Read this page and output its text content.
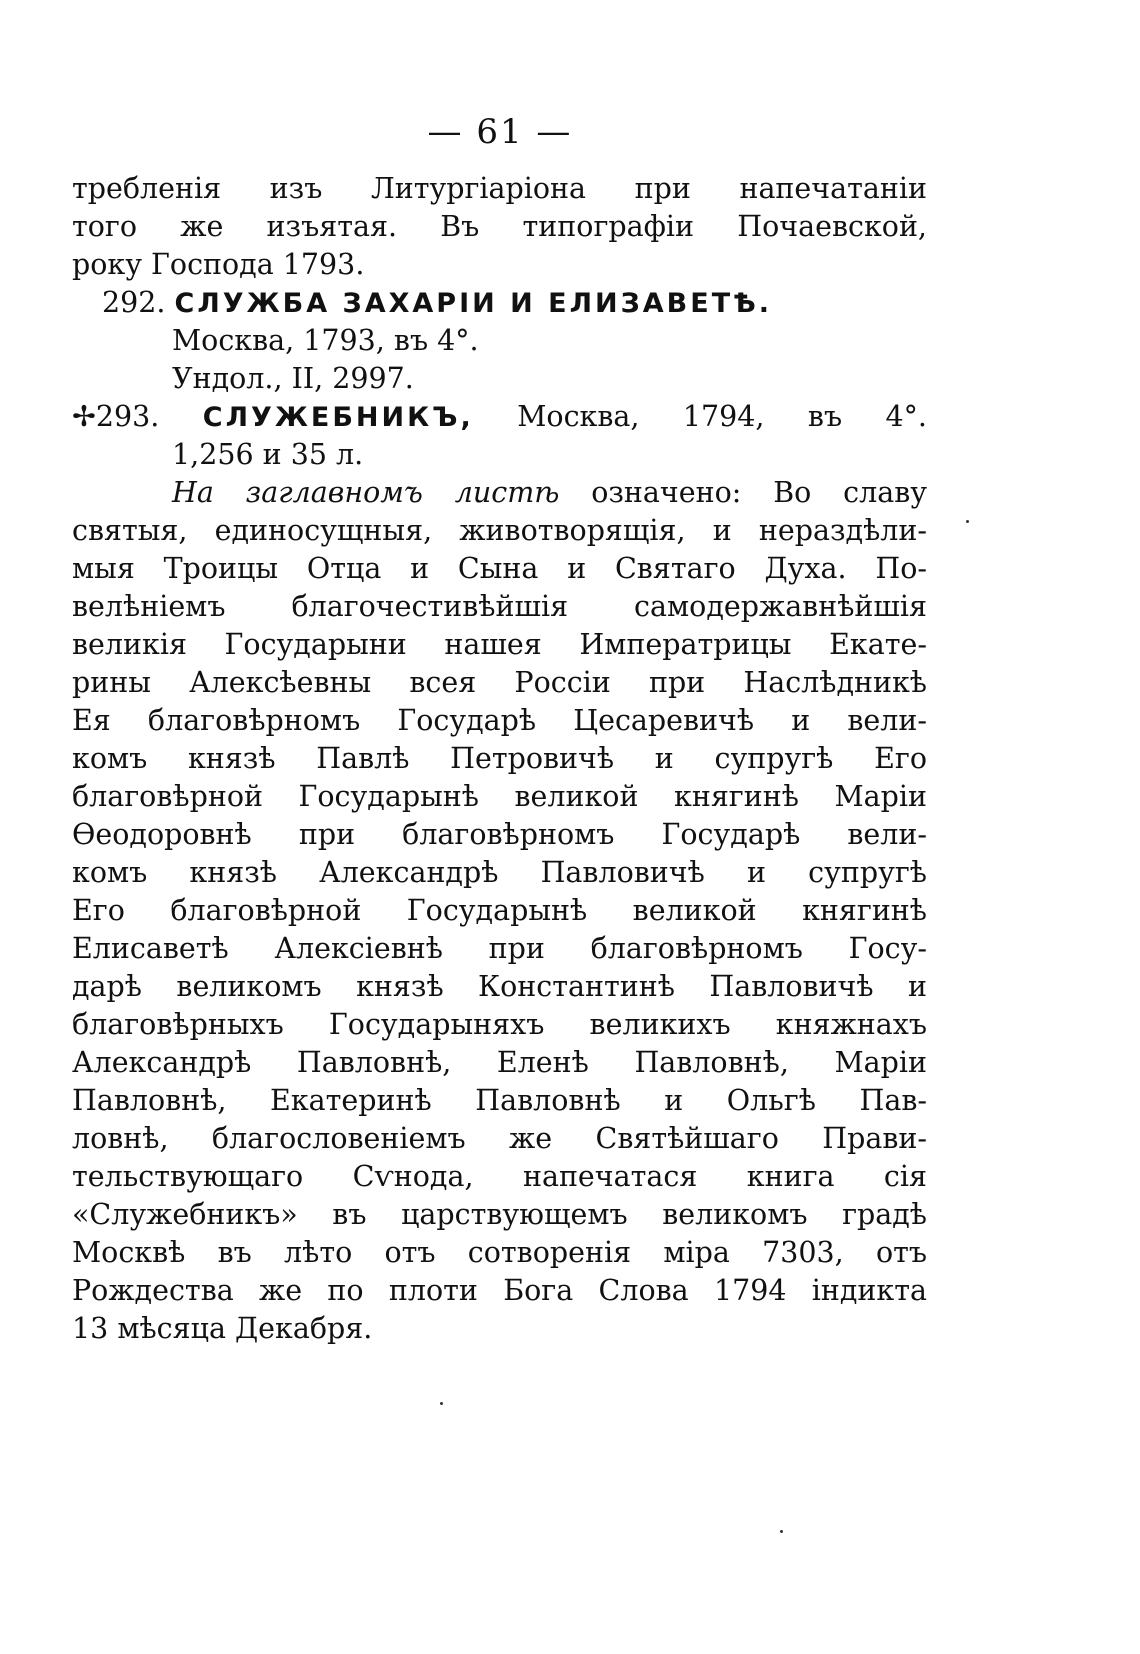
— 61 —
требленія изъ Литургіаріона при напечатаніи
того же изъятая. Въ типографіи Почаевской,
року Господа 1793.
292. СЛУЖБА ЗАХАРІИ И ЕЛИЗАВЕТѢ.
Москва, 1793, въ 4°.
Ундол., II, 2997.
✢293. СЛУЖЕБНИКЪ, Москва, 1794, въ 4°.
1,256 и 35 л.
На заглавномъ листѣ означено: Во славу
святыя, единосущныя, животворящія, и нераздѣли-
мыя Троицы Отца и Сына и Святаго Духа. По-
велѣніемъ благочестивѣйшія самодержавнѣйшія
великія Государыни нашея Императрицы Екате-
рины Алексѣевны всея Россіи при Наслѣдникѣ
Ея благовѣрномъ Государѣ Цесаревичѣ и вели-
комъ князѣ Павлѣ Петровичѣ и супругѣ Его
благовѣрной Государынѣ великой княгинѣ Маріи
Ѳеодоровнѣ при благовѣрномъ Государѣ вели-
комъ князѣ Александрѣ Павловичѣ и супругѣ
Его благовѣрной Государынѣ великой княгинѣ
Елисаветѣ Алексіевнѣ при благовѣрномъ Госу-
дарѣ великомъ князѣ Константинѣ Павловичѣ и
благовѣрныхъ Государыняхъ великихъ княжнахъ
Александрѣ Павловнѣ, Еленѣ Павловнѣ, Маріи
Павловнѣ, Екатеринѣ Павловнѣ и Ольгѣ Пав-
ловнѣ, благословеніемъ же Святѣйшаго Прави-
тельствующаго Сѵнода, напечатася книга сія
«Служебникъ» въ царствующемъ великомъ градѣ
Москвѣ въ лѣто отъ сотворенія міра 7303, отъ
Рождества же по плоти Бога Слова 1794 індикта
13 мѣсяца Декабря.
